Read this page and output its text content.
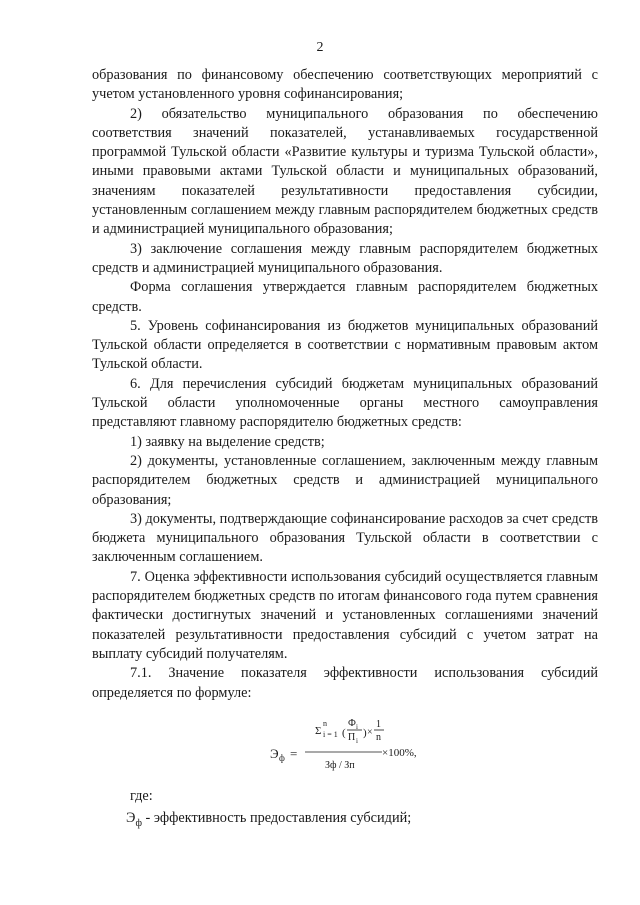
2

образования по финансовому обеспечению соответствующих мероприятий с учетом установленного уровня софинансирования;

2) обязательство муниципального образования по обеспечению соответствия значений показателей, устанавливаемых государственной программой Тульской области «Развитие культуры и туризма Тульской области», иными правовыми актами Тульской области и муниципальных образований, значениям показателей результативности предоставления субсидии, установленным соглашением между главным распорядителем бюджетных средств и администрацией муниципального образования;

3) заключение соглашения между главным распорядителем бюджетных средств и администрацией муниципального образования.

Форма соглашения утверждается главным распорядителем бюджетных средств.

5. Уровень софинансирования из бюджетов муниципальных образований Тульской области определяется в соответствии с нормативным правовым актом Тульской области.

6. Для перечисления субсидий бюджетам муниципальных образований Тульской области уполномоченные органы местного самоуправления представляют главному распорядителю бюджетных средств:

1) заявку на выделение средств;

2) документы, установленные соглашением, заключенным между главным распорядителем бюджетных средств и администрацией муниципального образования;

3) документы, подтверждающие софинансирование расходов за счет средств бюджета муниципального образования Тульской области в соответствии с заключенным соглашением.

7. Оценка эффективности использования субсидий осуществляется главным распорядителем бюджетных средств по итогам финансового года путем сравнения фактически достигнутых значений и установленных соглашениями значений показателей результативности предоставления субсидий с учетом затрат на выплату субсидий получателям.

7.1. Значение показателя эффективности использования субсидий определяется по формуле:

Э ф =
Σ
n
i = 1 (
Ф i
П i
) ×
1
n
Зф / Зп
×100%,
где:
$Э_ф$ - эффективность предоставления субсидий;
